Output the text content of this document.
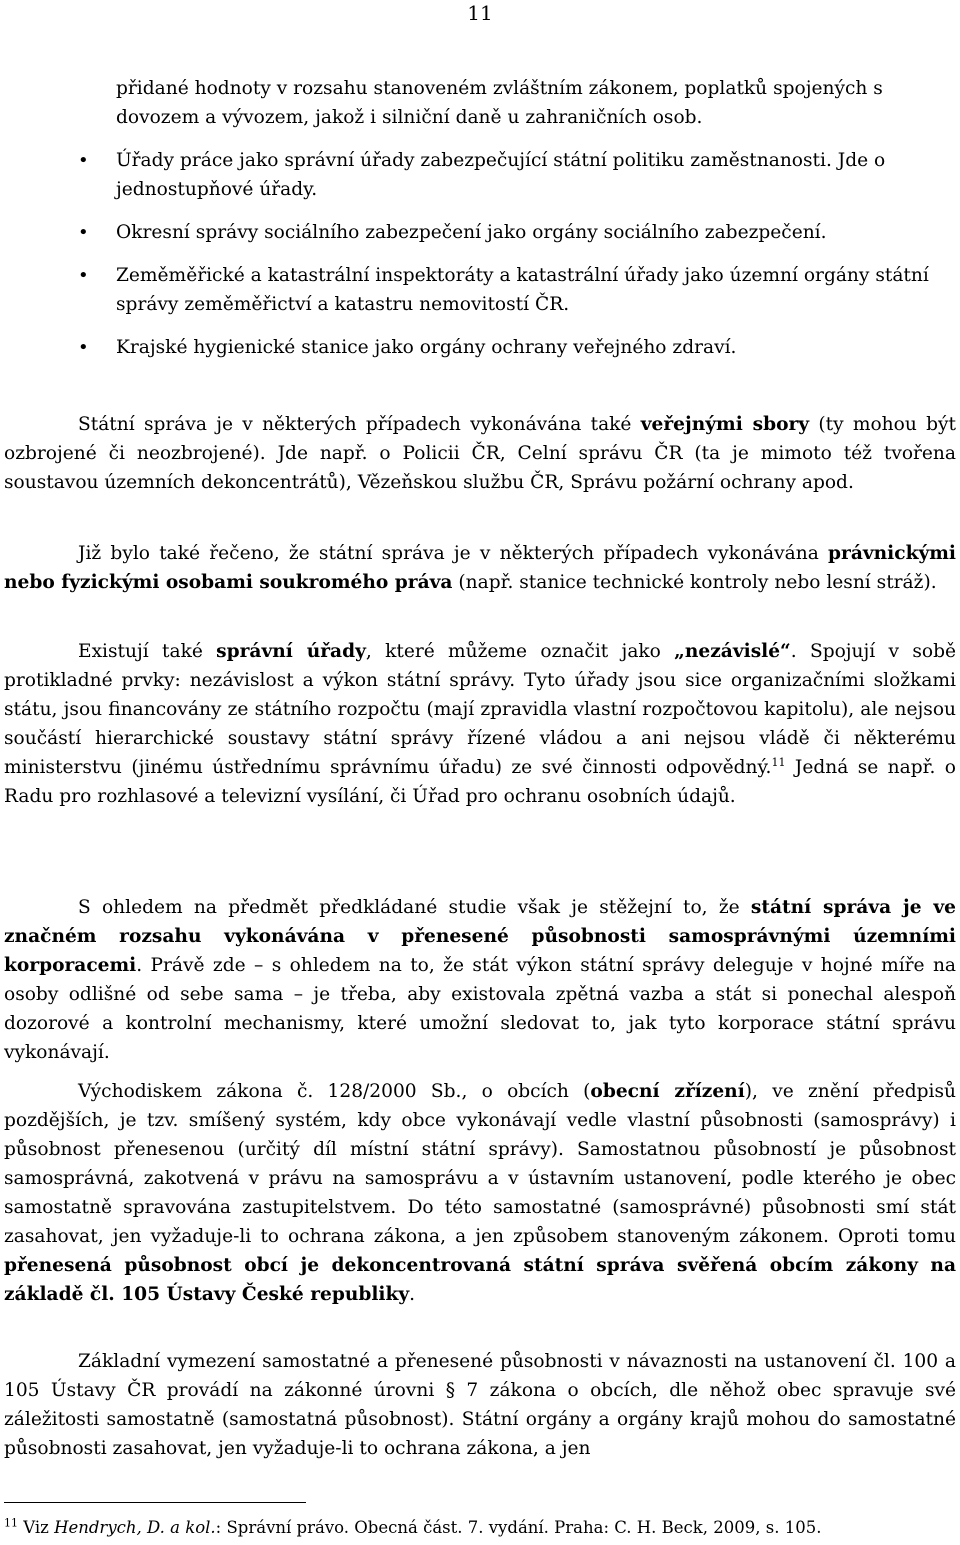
11
přidané hodnoty v rozsahu stanoveném zvláštním zákonem, poplatků spojených s dovozem a vývozem, jakož i silniční daně u zahraničních osob.
• Úřady práce jako správní úřady zabezpečující státní politiku zaměstnanosti. Jde o jednostupňové úřady.
• Okresní správy sociálního zabezpečení jako orgány sociálního zabezpečení.
• Zeměměřické a katastrální inspektoráty a katastrální úřady jako územní orgány státní správy zeměměřictví a katastru nemovitostí ČR.
• Krajské hygienické stanice jako orgány ochrany veřejného zdraví.

Státní správa je v některých případech vykonávána také veřejnými sbory (ty mohou být ozbrojené či neozbrojené). Jde např. o Policii ČR, Celní správu ČR (ta je mimoto též tvořena soustavou územních dekoncentrátů), Vězeňskou službu ČR, Správu požární ochrany apod.

Již bylo také řečeno, že státní správa je v některých případech vykonávána právnickými nebo fyzickými osobami soukromého práva (např. stanice technické kontroly nebo lesní stráž).

Existují také správní úřady, které můžeme označit jako „nezávislé“. Spojují v sobě protikladné prvky: nezávislost a výkon státní správy. Tyto úřady jsou sice organizačními složkami státu, jsou financovány ze státního rozpočtu (mají zpravidla vlastní rozpočtovou kapitolu), ale nejsou součástí hierarchické soustavy státní správy řízené vládou a ani nejsou vládě či některému ministerstvu (jinému ústřednímu správnímu úřadu) ze své činnosti odpovědný.$^{11}$ Jedná se např. o Radu pro rozhlasové a televizní vysílání, či Úřad pro ochranu osobních údajů.

S ohledem na předmět předkládané studie však je stěžejní to, že státní správa je ve značném rozsahu vykonávána v přenesené působnosti samosprávnými územními korporacemi. Právě zde – s ohledem na to, že stát výkon státní správy deleguje v hojné míře na osoby odlišné od sebe sama – je třeba, aby existovala zpětná vazba a stát si ponechal alespoň dozorové a kontrolní mechanismy, které umožní sledovat to, jak tyto korporace státní správu vykonávají.

Východiskem zákona č. 128/2000 Sb., o obcích (obecní zřízení), ve znění předpisů pozdějších, je tzv. smíšený systém, kdy obce vykonávají vedle vlastní působnosti (samosprávy) i působnost přenesenou (určitý díl místní státní správy). Samostatnou působností je působnost samosprávná, zakotvená v právu na samosprávu a v ústavním ustanovení, podle kterého je obec samostatně spravována zastupitelstvem. Do této samostatné (samosprávné) působnosti smí stát zasahovat, jen vyžaduje-li to ochrana zákona, a jen způsobem stanoveným zákonem. Oproti tomu přenesená působnost obcí je dekoncentrovaná státní správa svěřená obcím zákony na základě čl. 105 Ústavy České republiky.

Základní vymezení samostatné a přenesené působnosti v návaznosti na ustanovení čl. 100 a 105 Ústavy ČR provádí na zákonné úrovni § 7 zákona o obcích, dle něhož obec spravuje své záležitosti samostatně (samostatná působnost). Státní orgány a orgány krajů mohou do samostatné působnosti zasahovat, jen vyžaduje-li to ochrana zákona, a jen

$^{11}$ Viz Hendrych, D. a kol.: Správní právo. Obecná část. 7. vydání. Praha: C. H. Beck, 2009, s. 105.
